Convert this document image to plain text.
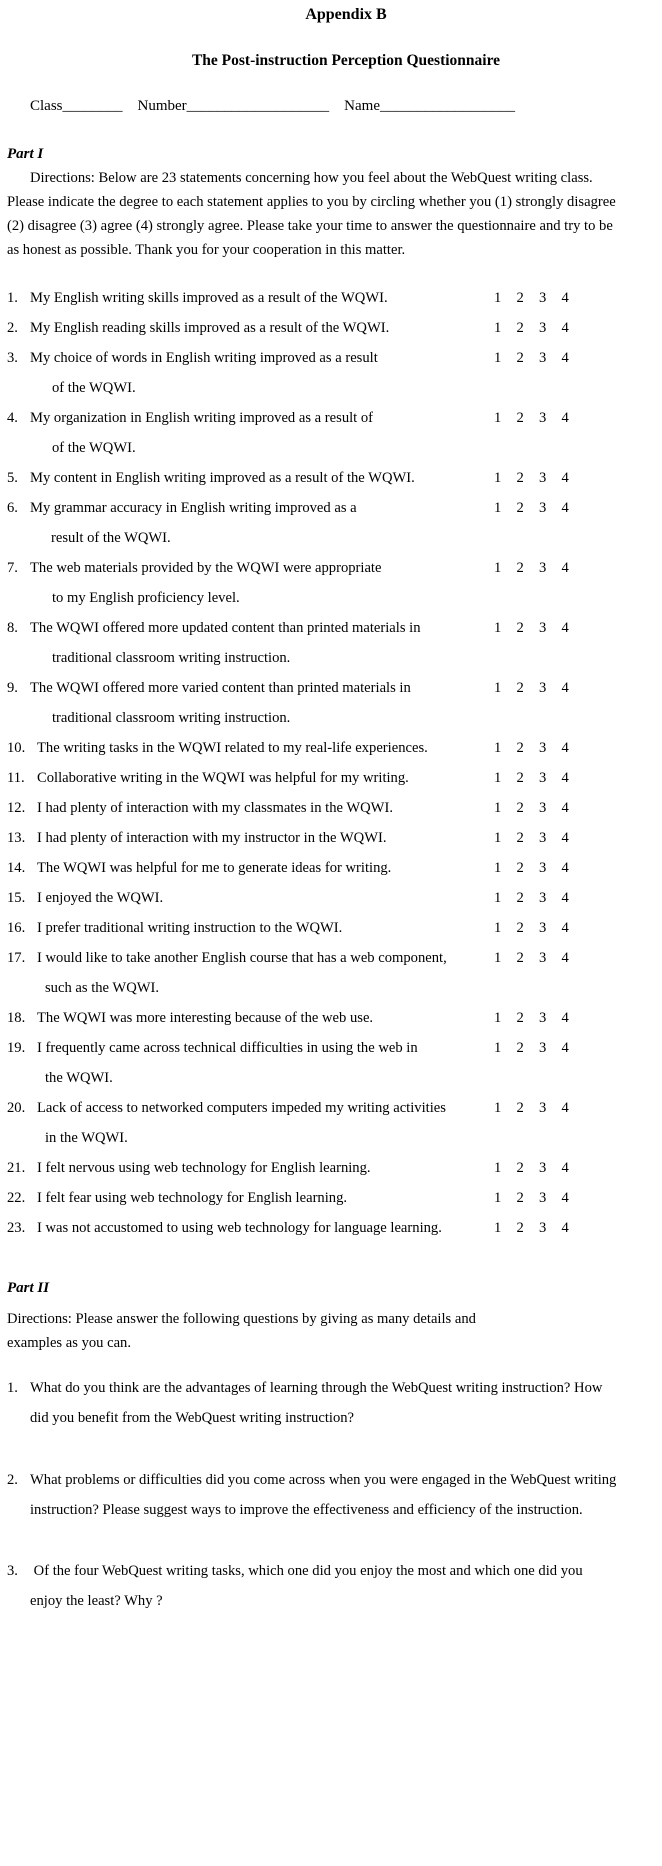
Appendix B
The Post-instruction Perception Questionnaire
Class________    Number___________________    Name__________________
Part I
Directions: Below are 23 statements concerning how you feel about the WebQuest writing class.
Please indicate the degree to each statement applies to you by circling whether you (1) strongly disagree
(2) disagree (3) agree (4) strongly agree. Please take your time to answer the questionnaire and try to be
as honest as possible. Thank you for your cooperation in this matter.
1. My English writing skills improved as a result of the WQWI.	1 2 3 4
2. My English reading skills improved as a result of the WQWI.	1 2 3 4
3. My choice of words in English writing improved as a result
of the WQWI.
1 2 3 4
4. My organization in English writing improved as a result of
of the WQWI.
1 2 3 4
5. My content in English writing improved as a result of the WQWI.	1 2 3 4
6. My grammar accuracy in English writing improved as a
result of the WQWI.
1 2 3 4
7. The web materials provided by the WQWI were appropriate
to my English proficiency level.
1 2 3 4
8. The WQWI offered more updated content than printed materials in
traditional classroom writing instruction.
1 2 3 4
9. The WQWI offered more varied content than printed materials in
traditional classroom writing instruction.
1 2 3 4
10. The writing tasks in the WQWI related to my real-life experiences.	1 2 3 4
11. Collaborative writing in the WQWI was helpful for my writing.	1 2 3 4
12. I had plenty of interaction with my classmates in the WQWI.	1 2 3 4
13. I had plenty of interaction with my instructor in the WQWI.	1 2 3 4
14. The WQWI was helpful for me to generate ideas for writing.	1 2 3 4
15. I enjoyed the WQWI.	1 2 3 4
16. I prefer traditional writing instruction to the WQWI.	1 2 3 4
17. I would like to take another English course that has a web component,
such as the WQWI.
1 2 3 4
18. The WQWI was more interesting because of the web use.	1 2 3 4
19. I frequently came across technical difficulties in using the web in
the WQWI.
1 2 3 4
20. Lack of access to networked computers impeded my writing activities
in the WQWI.
1 2 3 4
21. I felt nervous using web technology for English learning.	1 2 3 4
22. I felt fear using web technology for English learning.	1 2 3 4
23. I was not accustomed to using web technology for language learning.	1 2 3 4
Part II
Directions: Please answer the following questions by giving as many details and
examples as you can.
1. What do you think are the advantages of learning through the WebQuest writing instruction? How
did you benefit from the WebQuest writing instruction?
2. What problems or difficulties did you come across when you were engaged in the WebQuest writing
instruction? Please suggest ways to improve the effectiveness and efficiency of the instruction.
3. Of the four WebQuest writing tasks, which one did you enjoy the most and which one did you
enjoy the least? Why ?
